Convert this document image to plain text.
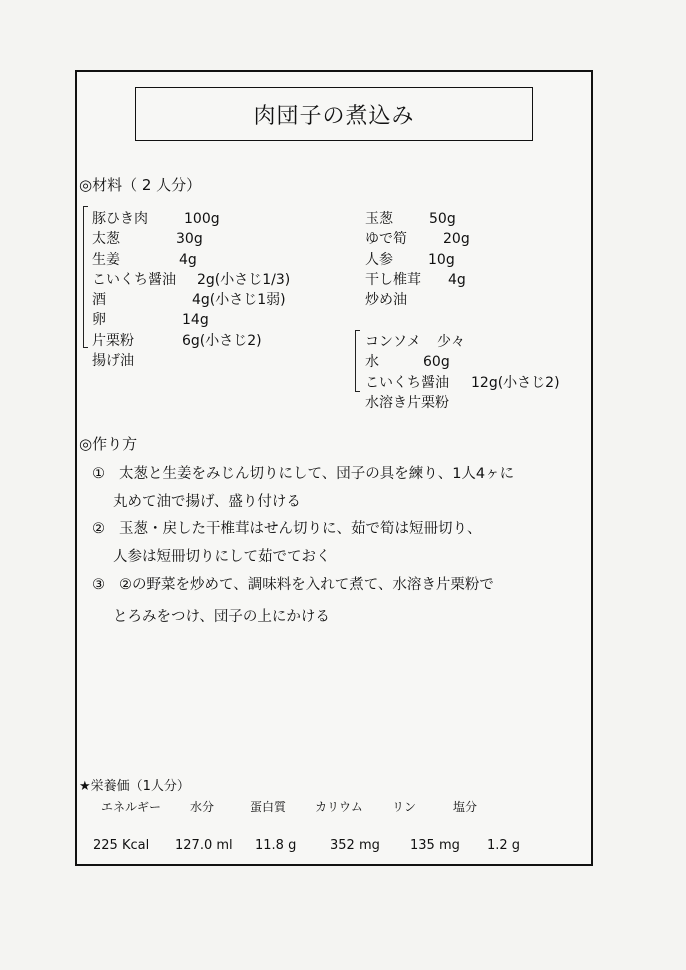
肉団子の煮込み
◎材料（ 2 人分）
豚ひき肉	100g
太葱	30g
生姜	4g
こいくち醤油 2g(小さじ1/3)
酒	4g(小さじ1弱)
卵	14g
片栗粉	6g(小さじ2)
揚げ油
玉葱	50g
ゆで筍	20g
人参	10g
干し椎茸 4g
炒め油
コンソメ 少々
水	60g
こいくち醤油 12g(小さじ2)
水溶き片栗粉
◎作り方
① 太葱と生姜をみじん切りにして、団子の具を練り、1人4ヶに
丸めて油で揚げ、盛り付ける
② 玉葱・戻した干椎茸はせん切りに、茹で筍は短冊切り、
人参は短冊切りにして茹でておく
③ ②の野菜を炒めて、調味料を入れて煮て、水溶き片栗粉で
とろみをつけ、団子の上にかける
★栄養価（1人分）
エネルギー 水分	蛋白質 カリウム リン	塩分
225 Kcal 127.0 ml 11.8 g	352 mg 135 mg 1.2 g
